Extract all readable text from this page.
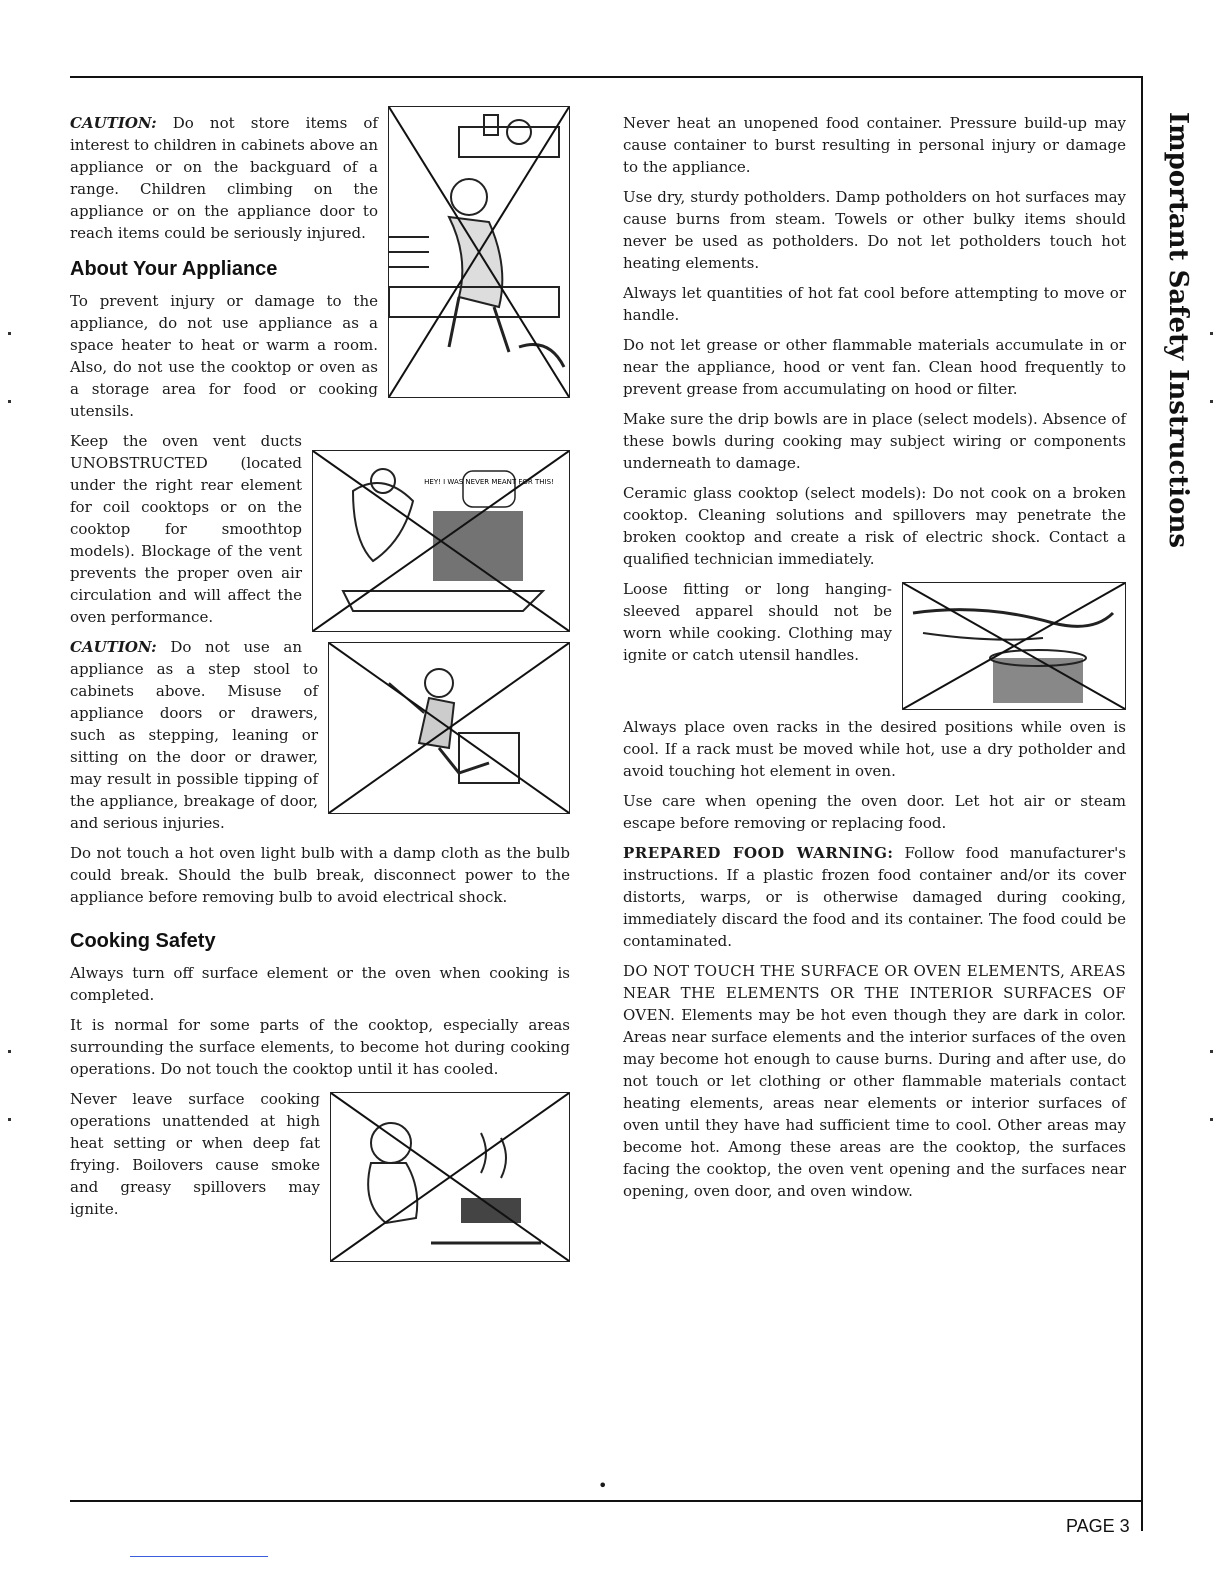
Important Safety Instructions

CAUTION: Do not store items of interest to children in cabinets above an appliance or on the backguard of a range. Children climbing on the appliance or on the appliance door to reach items could be seriously injured.

About Your Appliance
HEY! I WAS NEVER MEANT FOR THIS!

To prevent injury or damage to the appliance, do not use appliance as a space heater to heat or warm a room. Also, do not use the cooktop or oven as a storage area for food or cooking utensils.

Keep the oven vent ducts UNOBSTRUCTED (located under the right rear element for coil cooktops or on the cooktop for smoothtop models). Blockage of the vent prevents the proper oven air circulation and will affect the oven performance.

CAUTION: Do not use an appliance as a step stool to cabinets above. Misuse of appliance doors or drawers, such as stepping, leaning or sitting on the door or drawer, may result in possible tipping of the appliance, breakage of door, and serious injuries.

Do not touch a hot oven light bulb with a damp cloth as the bulb could break. Should the bulb break, disconnect power to the appliance before removing bulb to avoid electrical shock.

Cooking Safety

Always turn off surface element or the oven when cooking is completed.

It is normal for some parts of the cooktop, especially areas surrounding the surface elements, to become hot during cooking operations. Do not touch the cooktop until it has cooled.

Never leave surface cooking operations unattended at high heat setting or when deep fat frying. Boilovers cause smoke and greasy spillovers may ignite.

Never heat an unopened food container. Pressure build-up may cause container to burst resulting in personal injury or damage to the appliance.

Use dry, sturdy potholders. Damp potholders on hot surfaces may cause burns from steam. Towels or other bulky items should never be used as potholders. Do not let potholders touch hot heating elements.

Always let quantities of hot fat cool before attempting to move or handle.

Do not let grease or other flammable materials accumulate in or near the appliance, hood or vent fan. Clean hood frequently to prevent grease from accumulating on hood or filter.

Make sure the drip bowls are in place (select models). Absence of these bowls during cooking may subject wiring or components underneath to damage.

Ceramic glass cooktop (select models): Do not cook on a broken cooktop. Cleaning solutions and spillovers may penetrate the broken cooktop and create a risk of electric shock. Contact a qualified technician immediately.

Loose fitting or long hanging-sleeved apparel should not be worn while cooking. Clothing may ignite or catch utensil handles.

Always place oven racks in the desired positions while oven is cool. If a rack must be moved while hot, use a dry potholder and avoid touching hot element in oven.

Use care when opening the oven door. Let hot air or steam escape before removing or replacing food.

PREPARED FOOD WARNING: Follow food manufacturer's instructions. If a plastic frozen food container and/or its cover distorts, warps, or is otherwise damaged during cooking, immediately discard the food and its container. The food could be contaminated.

DO NOT TOUCH THE SURFACE OR OVEN ELEMENTS, AREAS NEAR THE ELEMENTS OR THE INTERIOR SURFACES OF OVEN. Elements may be hot even though they are dark in color. Areas near surface elements and the interior surfaces of the oven may become hot enough to cause burns. During and after use, do not touch or let clothing or other flammable materials contact heating elements, areas near elements or interior surfaces of oven until they have had sufficient time to cool. Other areas may become hot. Among these areas are the cooktop, the surfaces facing the cooktop, the oven vent opening and the surfaces near opening, oven door, and oven window.

•
PAGE 3
